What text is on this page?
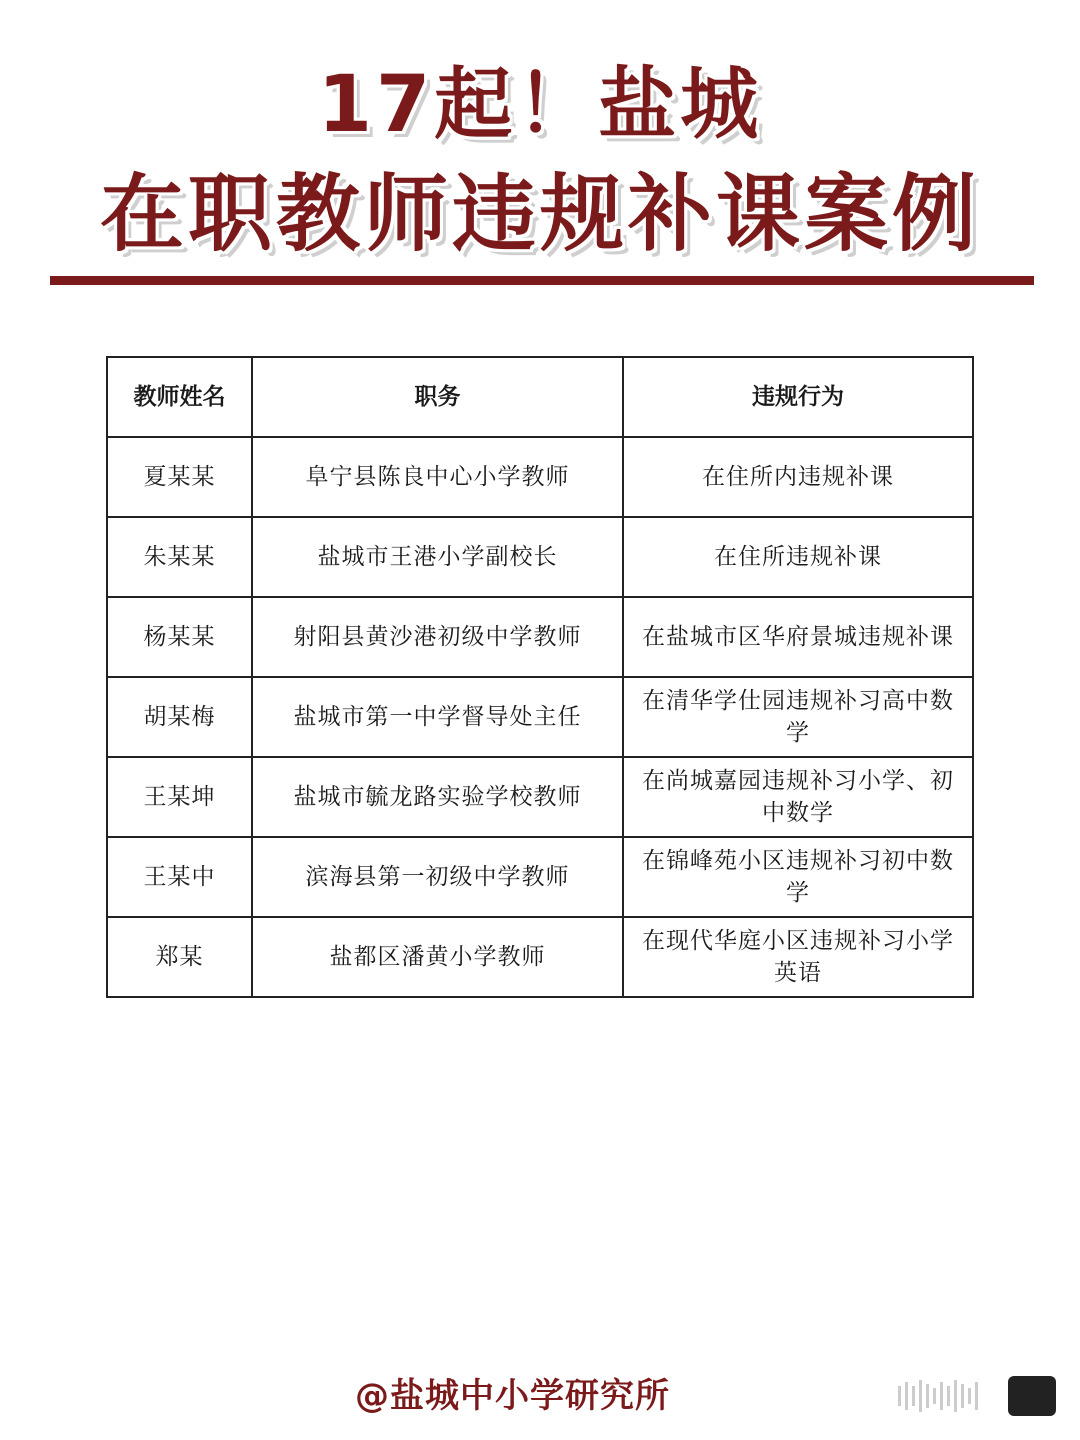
17起！盐城
在职教师违规补课案例
教师姓名	职务	违规行为
夏某某	阜宁县陈良中心小学教师	在住所内违规补课
朱某某	盐城市王港小学副校长	在住所违规补课
杨某某	射阳县黄沙港初级中学教师	在盐城市区华府景城违规补课
胡某梅	盐城市第一中学督导处主任	在清华学仕园违规补习高中数学
王某坤	盐城市毓龙路实验学校教师	在尚城嘉园违规补习小学、初中数学
王某中	滨海县第一初级中学教师	在锦峰苑小区违规补习初中数学
郑某	盐都区潘黄小学教师	在现代华庭小区违规补习小学英语
@盐城中小学研究所
